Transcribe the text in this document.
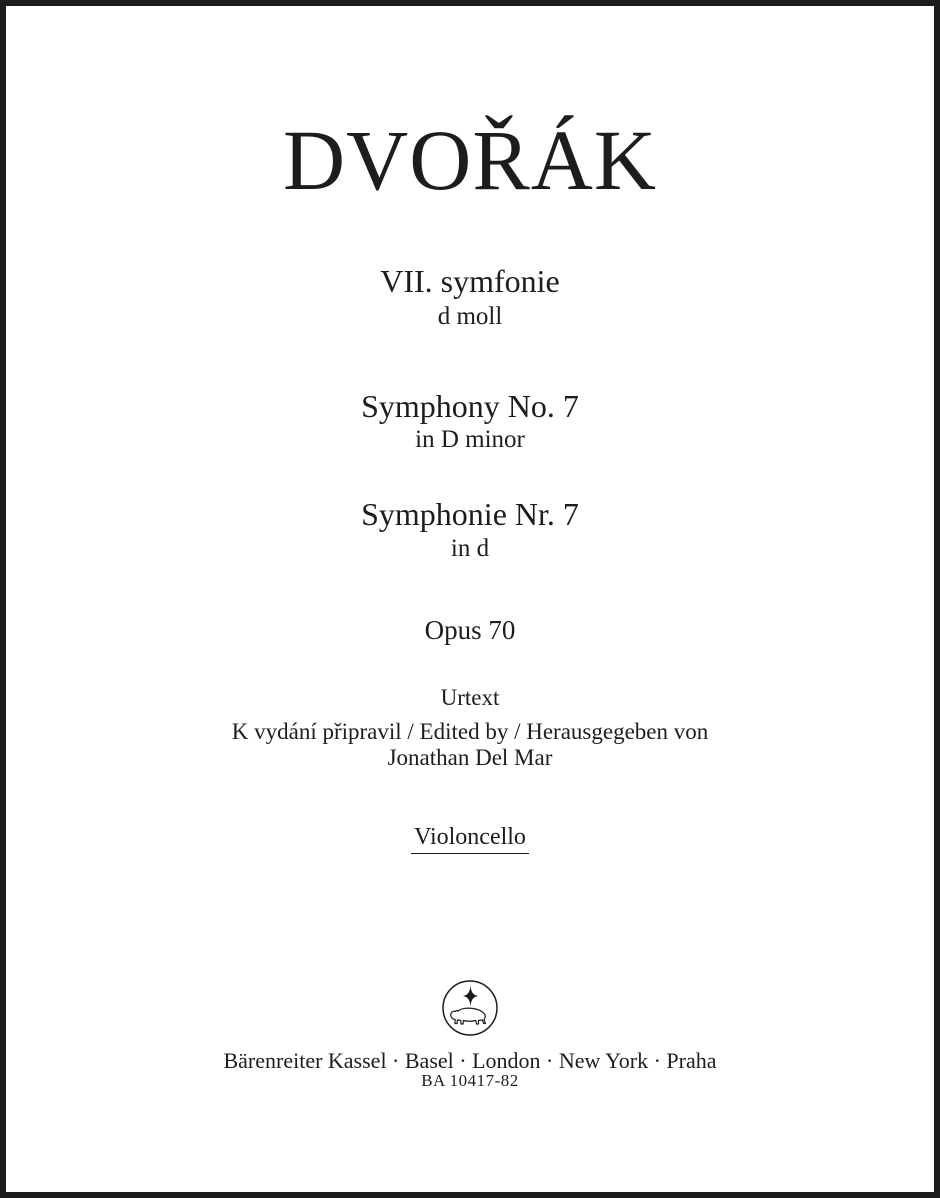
DVOŘÁK
VII. symfonie
d moll
Symphony No. 7
in D minor
Symphonie Nr. 7
in d
Opus 70
Urtext
K vydání připravil / Edited by / Herausgegeben von
Jonathan Del Mar
Violoncello
Bärenreiter Kassel · Basel · London · New York · Praha
BA 10417-82
